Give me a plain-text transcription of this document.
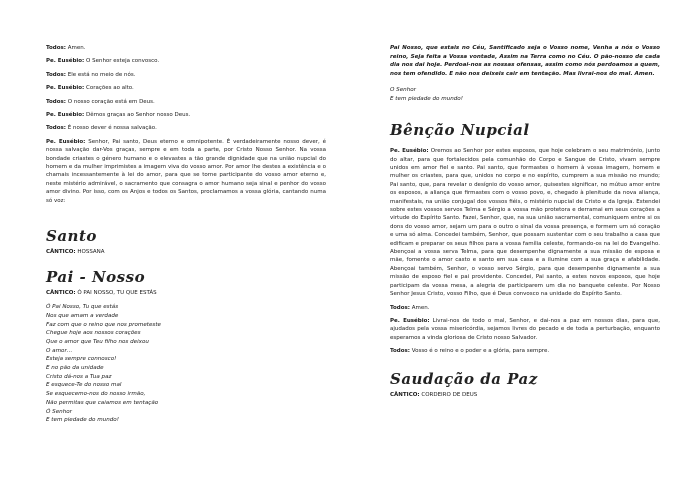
Todos: Amen.

Pe. Eusébio: O Senhor esteja convosco.

Todos: Ele está no meio de nós.

Pe. Eusébio: Corações ao alto.

Todos: O nosso coração está em Deus.

Pe. Eusébio: Dêmos graças ao Senhor nosso Deus.

Todos: É nosso dever é nossa salvação.

Pe. Eusébio: Senhor, Pai santo, Deus eterno e omnipotente. É verdadeiramente nosso dever, é nossa salvação dar-Vos graças, sempre e em toda a parte, por Cristo Nosso Senhor. Na vossa bondade criastes o género humano e o elevastes a tão grande dignidade que na união nupcial do homem e da mulher imprimistes a imagem viva do vosso amor. Por amor Ihe destes a existência e o chamais incessantemente à lei do amor, para que se torne participante do vosso amor eterno e, neste mistério admirável, o sacramento que consagra o amor humano seja sinal e penhor do vosso amor divino. Por isso, com os Anjos e todos os Santos, proclamamos a vossa glória, cantando numa só voz:

Santo

CÂNTICO: HOSSANA

Pai - Nosso

CÂNTICO: Ó PAI NOSSO, TU QUE ESTÁS

Ó Pai Nosso, Tu que estás
Nos que amam a verdade
Faz com que o reino que nos prometeste
Chegue hoje aos nossos corações
Que o amor que Teu filho nos deixou
O amor…
Esteja sempre connosco!
E no pão da unidade
Cristo dá-nos a Tua paz
E esquece-Te do nosso mal
Se esquecemo-nos do nosso irmão,
Não permitas que caiamos em tentação
Ó Senhor
E tem piedade do mundo!

Pai Nosso, que estais no Céu, Santificado seja o Vosso nome, Venha a nós o Vosso reino, Seja feita a Vossa vontade, Assim na Terra como no Céu. O pão-nosso de cada dia nos dai hoje. Perdoai-nos as nossas ofensas, assim como nós perdoamos a quem, nos tem ofendido. E não nos deixeis cair em tentação. Mas livrai-nos do mal. Amen.

O Senhor
E tem piedade do mundo!
Bênção Nupcial

Pe. Eusébio: Oremos ao Senhor por estes esposos, que hoje celebram o seu matrimónio, junto do altar, para que fortalecidos pela comunhão do Corpo e Sangue de Cristo, vivam sempre unidos em amor fiel e santo. Pai santo, que formastes o homem à vossa imagem, homem e mulher os criastes, para que, unidos no corpo e no espírito, cumprem a sua missão no mundo; Pai santo, que, para revelar o desígnio do vosso amor, quisestes significar, no mútuo amor entre os esposos, a aliança que firmastes com o vosso povo, e, chegado à plenitude da nova aliança, manifestais, na união conjugal dos vossos fiéis, o mistério nupcial de Cristo e da Igreja. Estendei sobre estes vossos servos Telma e Sérgio a vossa mão protetora e derramai em seus corações a virtude do Espírito Santo. Fazei, Senhor, que, na sua união sacramental, comuniquem entre si os dons do vosso amor, sejam um para o outro o sinal da vossa presença, e formem um só coração e uma só alma. Concedei também, Senhor, que possam sustentar com o seu trabalho a casa que edificam e preparar os seus filhos para a vossa família celeste, formando-os na lei do Evangelho. Abençoai a vossa serva Telma, para que desempenhe dignamente a sua missão de esposa e mãe, fomente o amor casto e santo em sua casa e a ilumine com a sua graça e afabilidade. Abençoai também, Senhor, o vosso servo Sérgio, para que desempenhe dignamente a sua missão de esposo fiel e pai providente. Concedei, Pai santo, a estes novos esposos, que hoje participam da vossa mesa, a alegria de participarem um dia no banquete celeste. Por Nosso Senhor Jesus Cristo, vosso Filho, que é Deus convosco na unidade do Espírito Santo.

Todos: Amen.

Pe. Eusébio: Livrai-nos de todo o mal, Senhor, e dai-nos a paz em nossos dias, para que, ajudados pela vossa misericórdia, sejamos livres do pecado e de toda a perturbação, enquanto esperamos a vinda gloriosa de Cristo nosso Salvador.

Todos: Vosso é o reino e o poder e a glória, para sempre.

Saudação da Paz

CÂNTICO: CORDEIRO DE DEUS
